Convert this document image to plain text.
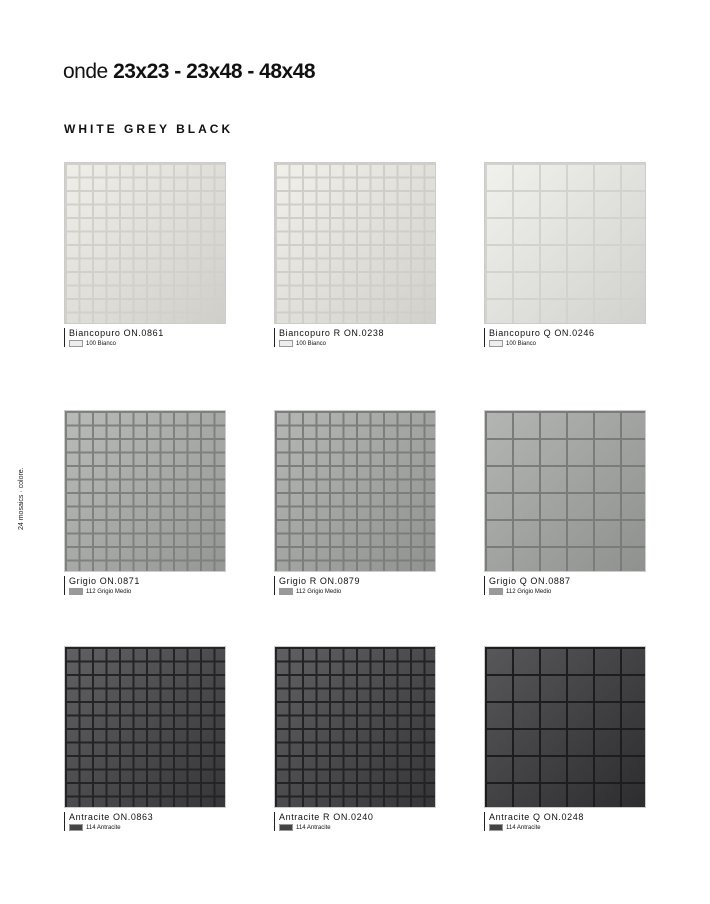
onde 23x23 - 23x48 - 48x48
WHITE GREY BLACK
24 mosaics · colore.
Biancopuro ON.0861
100 Bianco
Biancopuro R ON.0238
100 Bianco
Biancopuro Q ON.0246
100 Bianco
Grigio ON.0871
112 Grigio Medio
Grigio R ON.0879
112 Grigio Medio
Grigio Q ON.0887
112 Grigio Medio
Antracite ON.0863
114 Antracite
Antracite R ON.0240
114 Antracite
Antracite Q ON.0248
114 Antracite
